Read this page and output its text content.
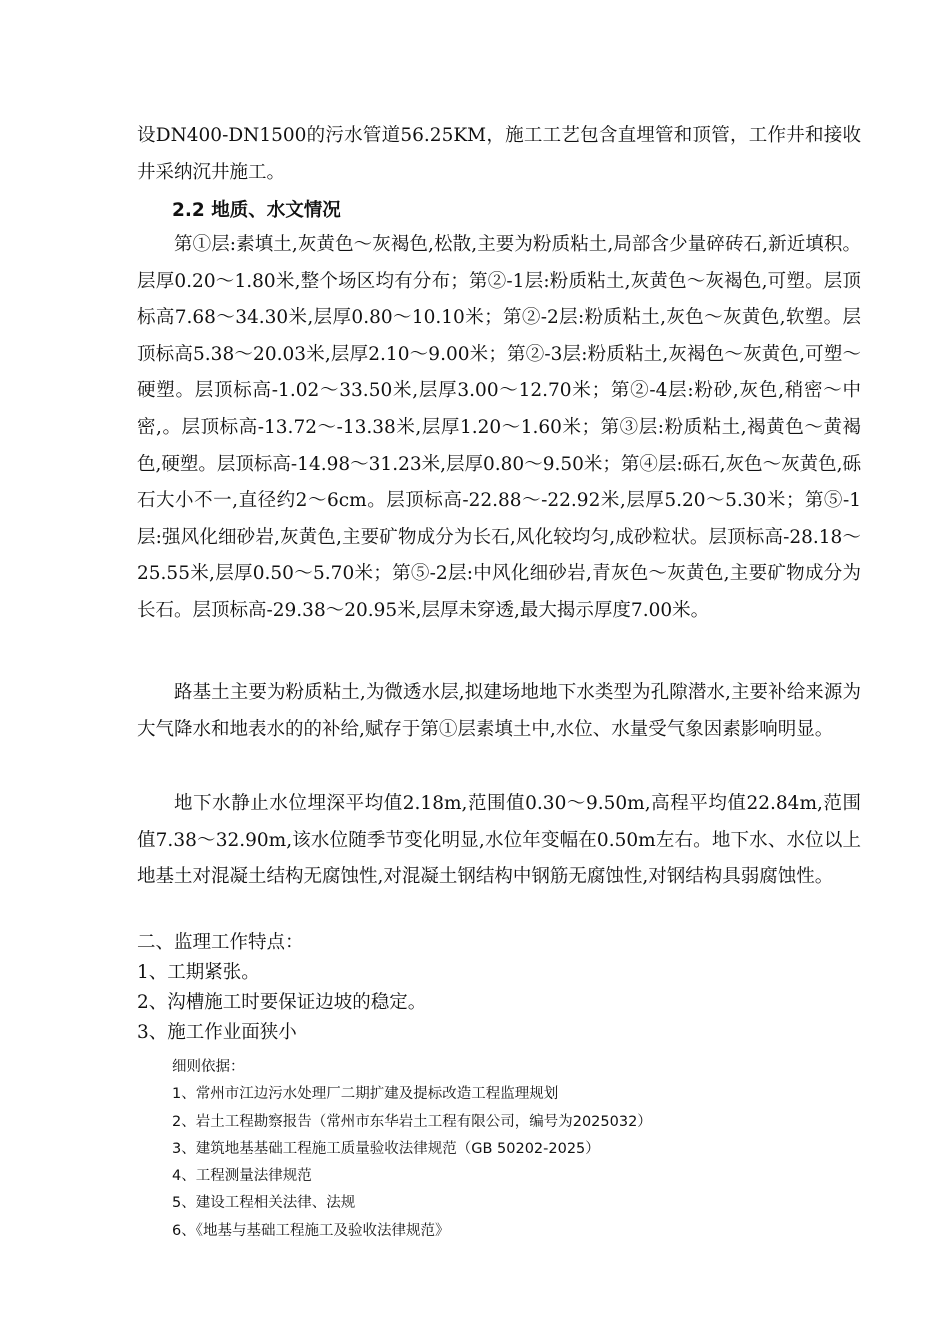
设DN400-DN1500的污水管道56.25KM，施工工艺包含直埋管和顶管，工作井和接收井采纳沉井施工。

2.2 地质、水文情况

第①层:素填土,灰黄色～灰褐色,松散,主要为粉质粘土,局部含少量碎砖石,新近填积。层厚0.20～1.80米,整个场区均有分布；第②-1层:粉质粘土,灰黄色～灰褐色,可塑。层顶标高7.68～34.30米,层厚0.80～10.10米；第②-2层:粉质粘土,灰色～灰黄色,软塑。层顶标高5.38～20.03米,层厚2.10～9.00米；第②-3层:粉质粘土,灰褐色～灰黄色,可塑～硬塑。层顶标高-1.02～33.50米,层厚3.00～12.70米；第②-4层:粉砂,灰色,稍密～中密,。层顶标高-13.72～-13.38米,层厚1.20～1.60米；第③层:粉质粘土,褐黄色～黄褐色,硬塑。层顶标高-14.98～31.23米,层厚0.80～9.50米；第④层:砾石,灰色～灰黄色,砾石大小不一,直径约2～6cm。层顶标高-22.88～-22.92米,层厚5.20～5.30米；第⑤-1层:强风化细砂岩,灰黄色,主要矿物成分为长石,风化较均匀,成砂粒状。层顶标高-28.18～25.55米,层厚0.50～5.70米；第⑤-2层:中风化细砂岩,青灰色～灰黄色,主要矿物成分为长石。层顶标高-29.38～20.95米,层厚未穿透,最大揭示厚度7.00米。

路基土主要为粉质粘土,为微透水层,拟建场地地下水类型为孔隙潜水,主要补给来源为大气降水和地表水的的补给,赋存于第①层素填土中,水位、水量受气象因素影响明显。

地下水静止水位埋深平均值2.18m,范围值0.30～9.50m,高程平均值22.84m,范围值7.38～32.90m,该水位随季节变化明显,水位年变幅在0.50m左右。地下水、水位以上地基土对混凝土结构无腐蚀性,对混凝土钢结构中钢筋无腐蚀性,对钢结构具弱腐蚀性。

二、监理工作特点：

1、工期紧张。

2、沟槽施工时要保证边坡的稳定。

3、施工作业面狭小

细则依据：
1、常州市江边污水处理厂二期扩建及提标改造工程监理规划
2、岩土工程勘察报告（常州市东华岩土工程有限公司，编号为2025032）
3、建筑地基基础工程施工质量验收法律规范（GB 50202-2025）
4、工程测量法律规范
5、建设工程相关法律、法规
6、《地基与基础工程施工及验收法律规范》
